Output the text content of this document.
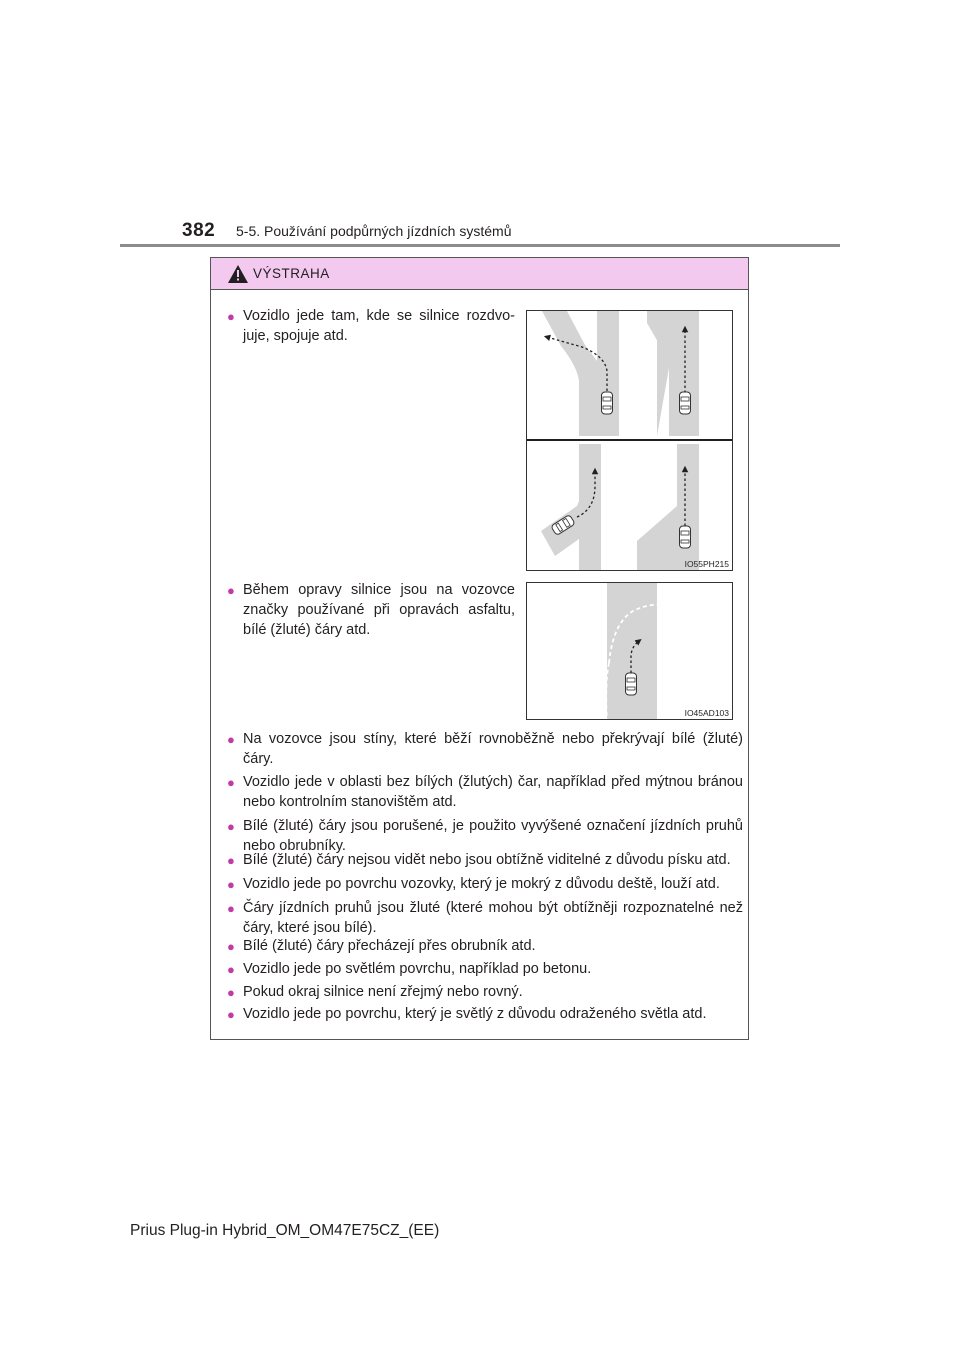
382 5-5. Používání podpůrných jízdních systémů
VÝSTRAHA
● Vozidlo jede tam, kde se silnice rozdvo-juje, spojuje atd.
IO55PH215
● Během opravy silnice jsou na vozovce značky používané při opravách asfaltu, bílé (žluté) čáry atd.
IO45AD103
● Na vozovce jsou stíny, které běží rovnoběžně nebo překrývají bílé (žluté) čáry.
● Vozidlo jede v oblasti bez bílých (žlutých) čar, například před mýtnou bránou nebo kontrolním stanovištěm atd.
● Bílé (žluté) čáry jsou porušené, je použito vyvýšené označení jízdních pruhů nebo obrubníky.
● Bílé (žluté) čáry nejsou vidět nebo jsou obtížně viditelné z důvodu písku atd.
● Vozidlo jede po povrchu vozovky, který je mokrý z důvodu deště, louží atd.
● Čáry jízdních pruhů jsou žluté (které mohou být obtížněji rozpoznatelné než čáry, které jsou bílé).
● Bílé (žluté) čáry přecházejí přes obrubník atd.
● Vozidlo jede po světlém povrchu, například po betonu.
● Pokud okraj silnice není zřejmý nebo rovný.
● Vozidlo jede po povrchu, který je světlý z důvodu odraženého světla atd.
Prius Plug-in Hybrid_OM_OM47E75CZ_(EE)
